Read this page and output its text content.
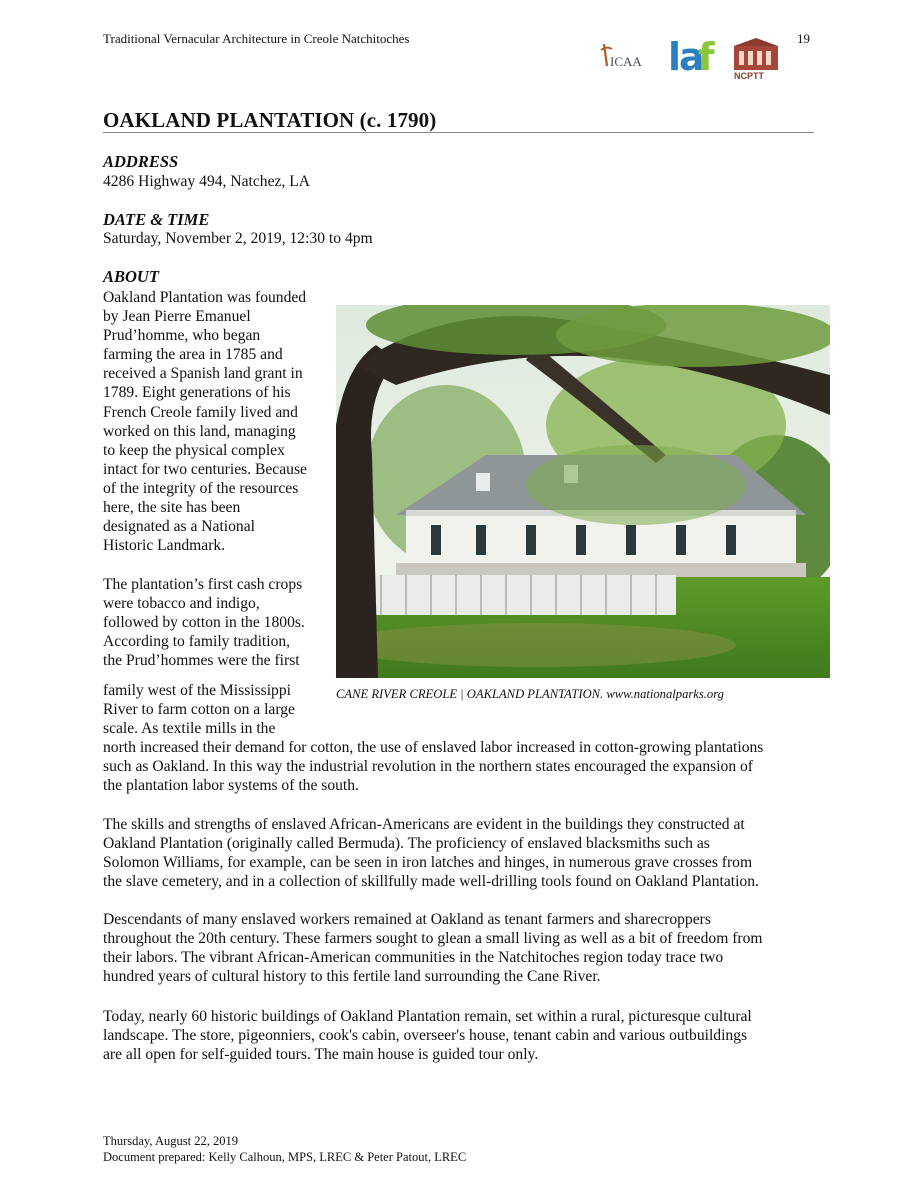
Traditional Vernacular Architecture in Creole Natchitoches	19
ICAA la
f NCPTT
OAKLAND PLANTATION (c. 1790)
ADDRESS
4286 Highway 494, Natchez, LA
DATE & TIME
Saturday, November 2, 2019, 12:30 to 4pm
ABOUT
Oakland Plantation was founded
by Jean Pierre Emanuel
Prud’homme, who began
farming the area in 1785 and
received a Spanish land grant in
1789. Eight generations of his
French Creole family lived and
worked on this land, managing
to keep the physical complex
intact for two centuries. Because
of the integrity of the resources
here, the site has been
designated as a National
Historic Landmark.
The plantation’s first cash crops
were tobacco and indigo,
followed by cotton in the 1800s.
According to family tradition,
the Prud’hommes were the first
family west of the Mississippi
River to farm cotton on a large
scale. As textile mills in the
north increased their demand for cotton, the use of enslaved labor increased in cotton-growing plantations
such as Oakland. In this way the industrial revolution in the northern states encouraged the expansion of
the plantation labor systems of the south.
The skills and strengths of enslaved African-Americans are evident in the buildings they constructed at
Oakland Plantation (originally called Bermuda). The proficiency of enslaved blacksmiths such as
Solomon Williams, for example, can be seen in iron latches and hinges, in numerous grave crosses from
the slave cemetery, and in a collection of skillfully made well-drilling tools found on Oakland Plantation.
Descendants of many enslaved workers remained at Oakland as tenant farmers and sharecroppers
throughout the 20th century. These farmers sought to glean a small living as well as a bit of freedom from
their labors. The vibrant African-American communities in the Natchitoches region today trace two
hundred years of cultural history to this fertile land surrounding the Cane River.
Today, nearly 60 historic buildings of Oakland Plantation remain, set within a rural, picturesque cultural
landscape. The store, pigeonniers, cook's cabin, overseer's house, tenant cabin and various outbuildings
are all open for self-guided tours. The main house is guided tour only.
CANE RIVER CREOLE | OAKLAND PLANTATION. www.nationalparks.org
Thursday, August 22, 2019
Document prepared: Kelly Calhoun, MPS, LREC & Peter Patout, LREC
